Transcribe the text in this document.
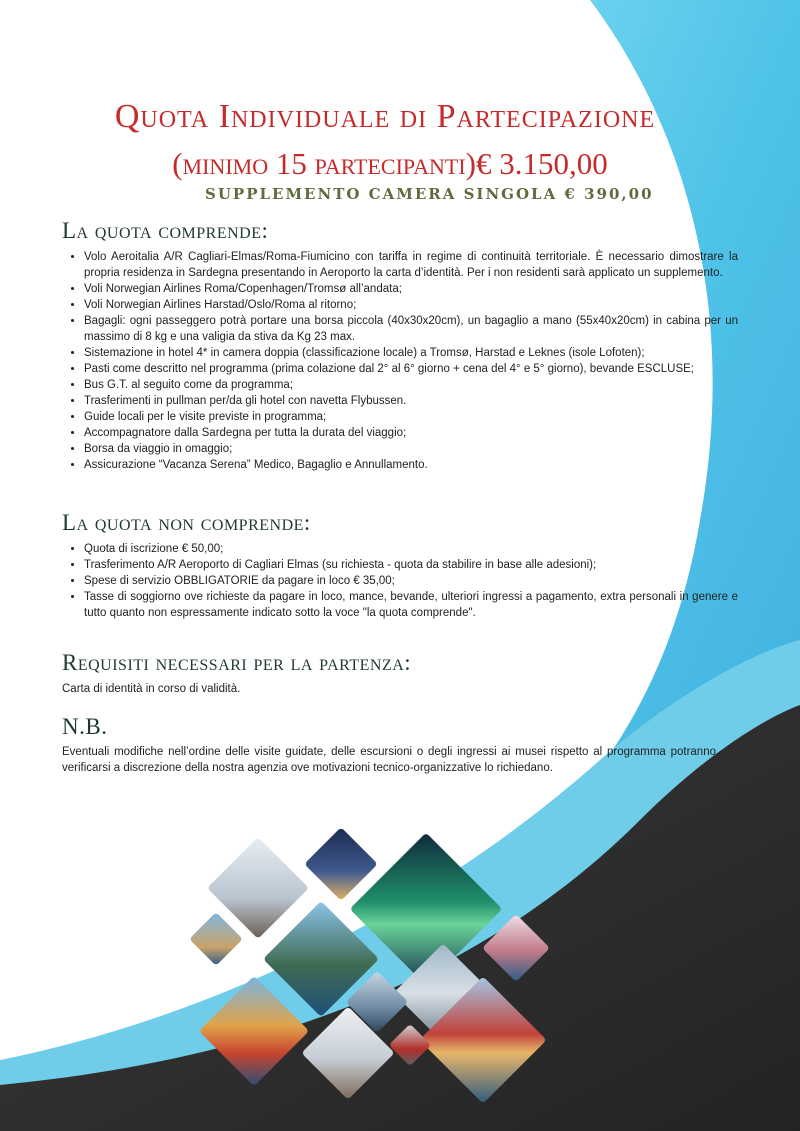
Quota Individuale di Partecipazione
(minimo 15 partecipanti)€ 3.150,00
SUPPLEMENTO CAMERA SINGOLA € 390,00
La quota comprende:
• Volo Aeroitalia A/R Cagliari-Elmas/Roma-Fiumicino con tariffa in regime di continuità territoriale. È necessario dimostrare la propria residenza in Sardegna presentando in Aeroporto la carta d’identità. Per i non residenti sarà applicato un supplemento.
• Voli Norwegian Airlines Roma/Copenhagen/Tromsø all’andata;
• Voli Norwegian Airlines Harstad/Oslo/Roma al ritorno;
• Bagagli: ogni passeggero potrà portare una borsa piccola (40x30x20cm), un bagaglio a mano (55x40x20cm) in cabina per un massimo di 8 kg e una valigia da stiva da Kg 23 max.
• Sistemazione in hotel 4* in camera doppia (classificazione locale) a Tromsø, Harstad e Leknes (isole Lofoten);
• Pasti come descritto nel programma (prima colazione dal 2° al 6° giorno + cena del 4° e 5° giorno), bevande ESCLUSE;
• Bus G.T. al seguito come da programma;
• Trasferimenti in pullman per/da gli hotel con navetta Flybussen.
• Guide locali per le visite previste in programma;
• Accompagnatore dalla Sardegna per tutta la durata del viaggio;
• Borsa da viaggio in omaggio;
• Assicurazione “Vacanza Serena” Medico, Bagaglio e Annullamento.
La quota non comprende:
• Quota di iscrizione € 50,00;
• Trasferimento A/R Aeroporto di Cagliari Elmas (su richiesta - quota da stabilire in base alle adesioni);
• Spese di servizio OBBLIGATORIE da pagare in loco € 35,00;
• Tasse di soggiorno ove richieste da pagare in loco, mance, bevande, ulteriori ingressi a pagamento, extra personali in genere e tutto quanto non espressamente indicato sotto la voce "la quota comprende".
Requisiti necessari per la partenza:
Carta di identità in corso di validità.
N.B.
Eventuali modifiche nell’ordine delle visite guidate, delle escursioni o degli ingressi ai musei rispetto al programma potranno verificarsi a discrezione della nostra agenzia ove motivazioni tecnico-organizzative lo richiedano.
